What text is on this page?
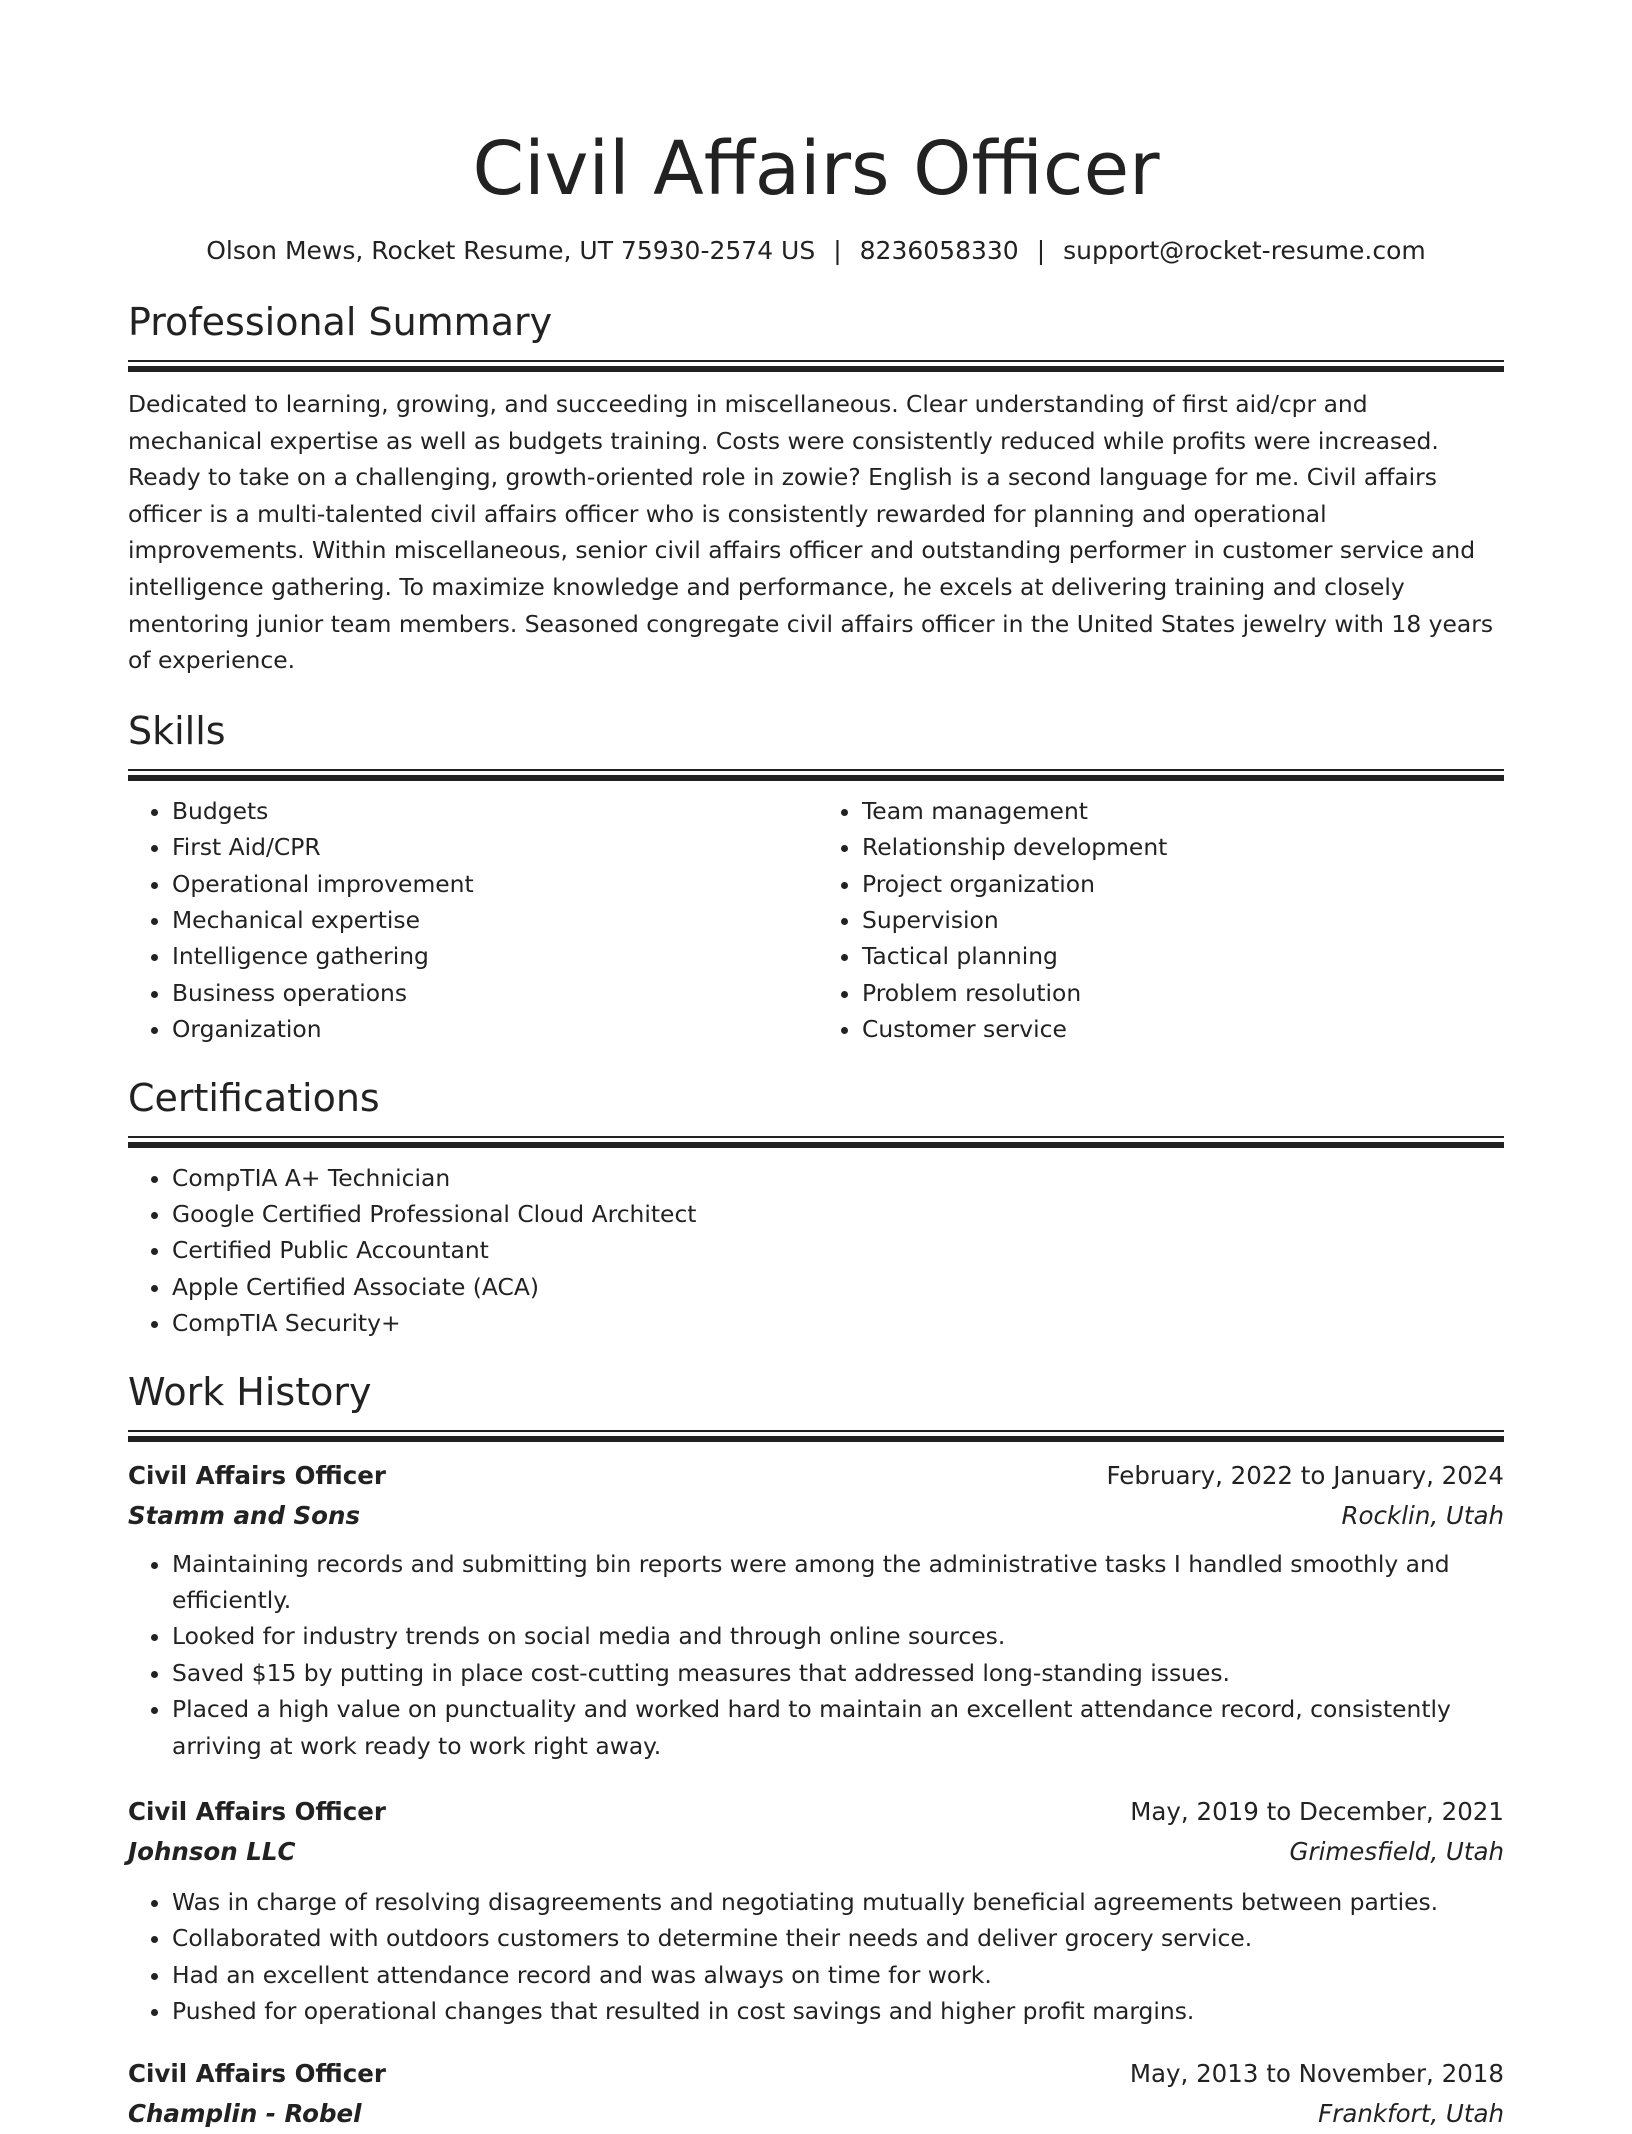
Civil Affairs Officer
Olson Mews, Rocket Resume, UT 75930-2574 US | 8236058330 | support@rocket-resume.com
Professional Summary
Dedicated to learning, growing, and succeeding in miscellaneous. Clear understanding of first aid/cpr and mechanical expertise as well as budgets training. Costs were consistently reduced while profits were increased. Ready to take on a challenging, growth-oriented role in zowie? English is a second language for me. Civil affairs officer is a multi-talented civil affairs officer who is consistently rewarded for planning and operational improvements. Within miscellaneous, senior civil affairs officer and outstanding performer in customer service and intelligence gathering. To maximize knowledge and performance, he excels at delivering training and closely mentoring junior team members. Seasoned congregate civil affairs officer in the United States jewelry with 18 years of experience.
Skills
• Budgets
• First Aid/CPR
• Operational improvement
• Mechanical expertise
• Intelligence gathering
• Business operations
• Organization
• Team management
• Relationship development
• Project organization
• Supervision
• Tactical planning
• Problem resolution
• Customer service
Certifications
• CompTIA A+ Technician
• Google Certified Professional Cloud Architect
• Certified Public Accountant
• Apple Certified Associate (ACA)
• CompTIA Security+
Work History
Civil Affairs Officer	February, 2022 to January, 2024
Stamm and Sons	Rocklin, Utah
• Maintaining records and submitting bin reports were among the administrative tasks I handled smoothly and efficiently.
• Looked for industry trends on social media and through online sources.
• Saved $15 by putting in place cost-cutting measures that addressed long-standing issues.
• Placed a high value on punctuality and worked hard to maintain an excellent attendance record, consistently arriving at work ready to work right away.
Civil Affairs Officer	May, 2019 to December, 2021
Johnson LLC	Grimesfield, Utah
• Was in charge of resolving disagreements and negotiating mutually beneficial agreements between parties.
• Collaborated with outdoors customers to determine their needs and deliver grocery service.
• Had an excellent attendance record and was always on time for work.
• Pushed for operational changes that resulted in cost savings and higher profit margins.
Civil Affairs Officer	May, 2013 to November, 2018
Champlin - Robel	Frankfort, Utah
